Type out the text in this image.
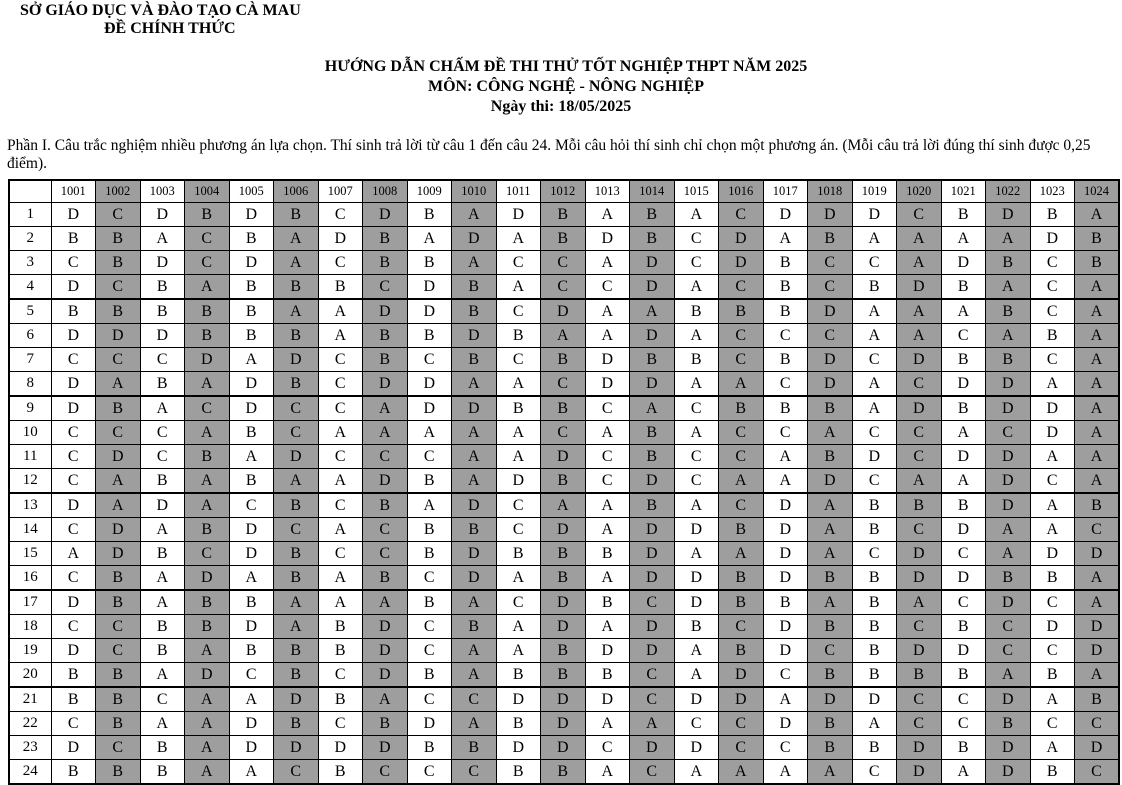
SỞ GIÁO DỤC VÀ ĐÀO TẠO CÀ MAU
ĐỀ CHÍNH THỨC
HƯỚNG DẪN CHẤM ĐỀ THI THỬ TỐT NGHIỆP THPT NĂM 2025
MÔN: CÔNG NGHỆ - NÔNG NGHIỆP
Ngày thi: 18/05/2025
Phần I. Câu trắc nghiệm nhiều phương án lựa chọn. Thí sinh trả lời từ câu 1 đến câu 24. Mỗi câu hỏi thí sinh chỉ chọn một phương án. (Mỗi câu trả lời đúng thí sinh được 0,25 điểm).
	1001	1002	1003	1004	1005	1006	1007	1008	1009	1010	1011	1012	1013	1014	1015	1016	1017	1018	1019	1020	1021	1022	1023	1024
1	D	C	D	B	D	B	C	D	B	A	D	B	A	B	A	C	D	D	D	C	B	D	B	A
2	B	B	A	C	B	A	D	B	A	D	A	B	D	B	C	D	A	B	A	A	A	A	D	B
3	C	B	D	C	D	A	C	B	B	A	C	C	A	D	C	D	B	C	C	A	D	B	C	B
4	D	C	B	A	B	B	B	C	D	B	A	C	C	D	A	C	B	C	B	D	B	A	C	A
5	B	B	B	B	B	A	A	D	D	B	C	D	A	A	B	B	B	D	A	A	A	B	C	A
6	D	D	D	B	B	B	A	B	B	D	B	A	A	D	A	C	C	C	A	A	C	A	B	A
7	C	C	C	D	A	D	C	B	C	B	C	B	D	B	B	C	B	D	C	D	B	B	C	A
8	D	A	B	A	D	B	C	D	D	A	A	C	D	D	A	A	C	D	A	C	D	D	A	A
9	D	B	A	C	D	C	C	A	D	D	B	B	C	A	C	B	B	B	A	D	B	D	D	A
10	C	C	C	A	B	C	A	A	A	A	A	C	A	B	A	C	C	A	C	C	A	C	D	A
11	C	D	C	B	A	D	C	C	C	A	A	D	C	B	C	C	A	B	D	C	D	D	A	A
12	C	A	B	A	B	A	A	D	B	A	D	B	C	D	C	A	A	D	C	A	A	D	C	A
13	D	A	D	A	C	B	C	B	A	D	C	A	A	B	A	C	D	A	B	B	B	D	A	B
14	C	D	A	B	D	C	A	C	B	B	C	D	A	D	D	B	D	A	B	C	D	A	A	C
15	A	D	B	C	D	B	C	C	B	D	B	B	B	D	A	A	D	A	C	D	C	A	D	D
16	C	B	A	D	A	B	A	B	C	D	A	B	A	D	D	B	D	B	B	D	D	B	B	A
17	D	B	A	B	B	A	A	A	B	A	C	D	B	C	D	B	B	A	B	A	C	D	C	A
18	C	C	B	B	D	A	B	D	C	B	A	D	A	D	B	C	D	B	B	C	B	C	D	D
19	D	C	B	A	B	B	B	D	C	A	A	B	D	D	A	B	D	C	B	D	D	C	C	D
20	B	B	A	D	C	B	C	D	B	A	B	B	B	C	A	D	C	B	B	B	B	A	B	A
21	B	B	C	A	A	D	B	A	C	C	D	D	D	C	D	D	A	D	D	C	C	D	A	B
22	C	B	A	A	D	B	C	B	D	A	B	D	A	A	C	C	D	B	A	C	C	B	C	C
23	D	C	B	A	D	D	D	D	B	B	D	D	C	D	D	C	C	B	B	D	B	D	A	D
24	B	B	B	A	A	C	B	C	C	C	B	B	A	C	A	A	A	A	C	D	A	D	B	C
